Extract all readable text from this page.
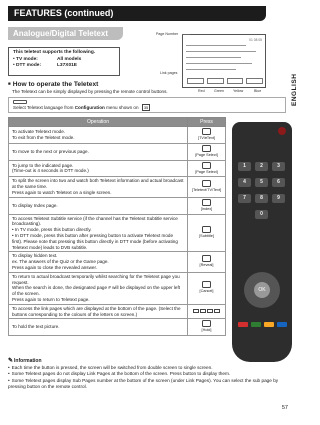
FEATURES (continued)
ENGLISH
Analogue/Digital Teletext
This teletext supports the following.
• TV mode:	All models
• DTT mode:	L37X01E
01 08 05
Page Number
Link pages
Red	Green	Yellow	Blue
■ How to operate the Teletext
The Teletext can be simply displayed by pressing the remote control buttons.
Select Teletext language from Configuration menu shown on 35
Operation	Press
To activate Teletext mode.
To exit from the Teletext mode.	[TV/♦Text]
To move to the next or previous page.	[Page Select]
To jump to the indicated page.
(Time-out is 4 seconds in DTT mode.)	[Page Select]
To split the screen into two and watch both Teletext information and actual broadcast at the same time.
Press again to watch Teletext on a single screen.	[Teletext/TV/Text]
To display Index page.	[Index]
To access Teletext Subtitle service (if the channel has the Teletext Subtitle service broadcasting).
• In TV mode, press this button directly.
• In DTT mode, press this button after pressing button to activate Teletext mode first). Please note that pressing this button directly in DTT mode (before activating Teletext mode) leads to DVB subtitle.	[Subtitle]
To display hidden text.
ex. The answers of the Quiz or the Game page.
Press again to close the revealed answer.	[Reveal]
To return to actual broadcast temporarily whilst searching for the Teletext page you request.
When the search is done, the designated page # will be displayed on the upper left of the screen.
Press again to return to Teletext page.	[Cancel]
To access the link pages which are displayed at the bottom of the page. (Select the buttons corresponding to the colours of the letters on screen.)	

To hold the text picture.	[Hold]
1	2	3
4	5	6
7	8	9
0
OK
✎ Information
• Each time the button is pressed, the screen will be switched from double screen to single screen.
• Some Teletext pages do not display Link Pages at the bottom of the screen. Press button to display them.
• Some Teletext pages display Sub Pages number at the bottom of the screen (under Link Pages). You can select the sub page by pressing button on the remote control.
57
